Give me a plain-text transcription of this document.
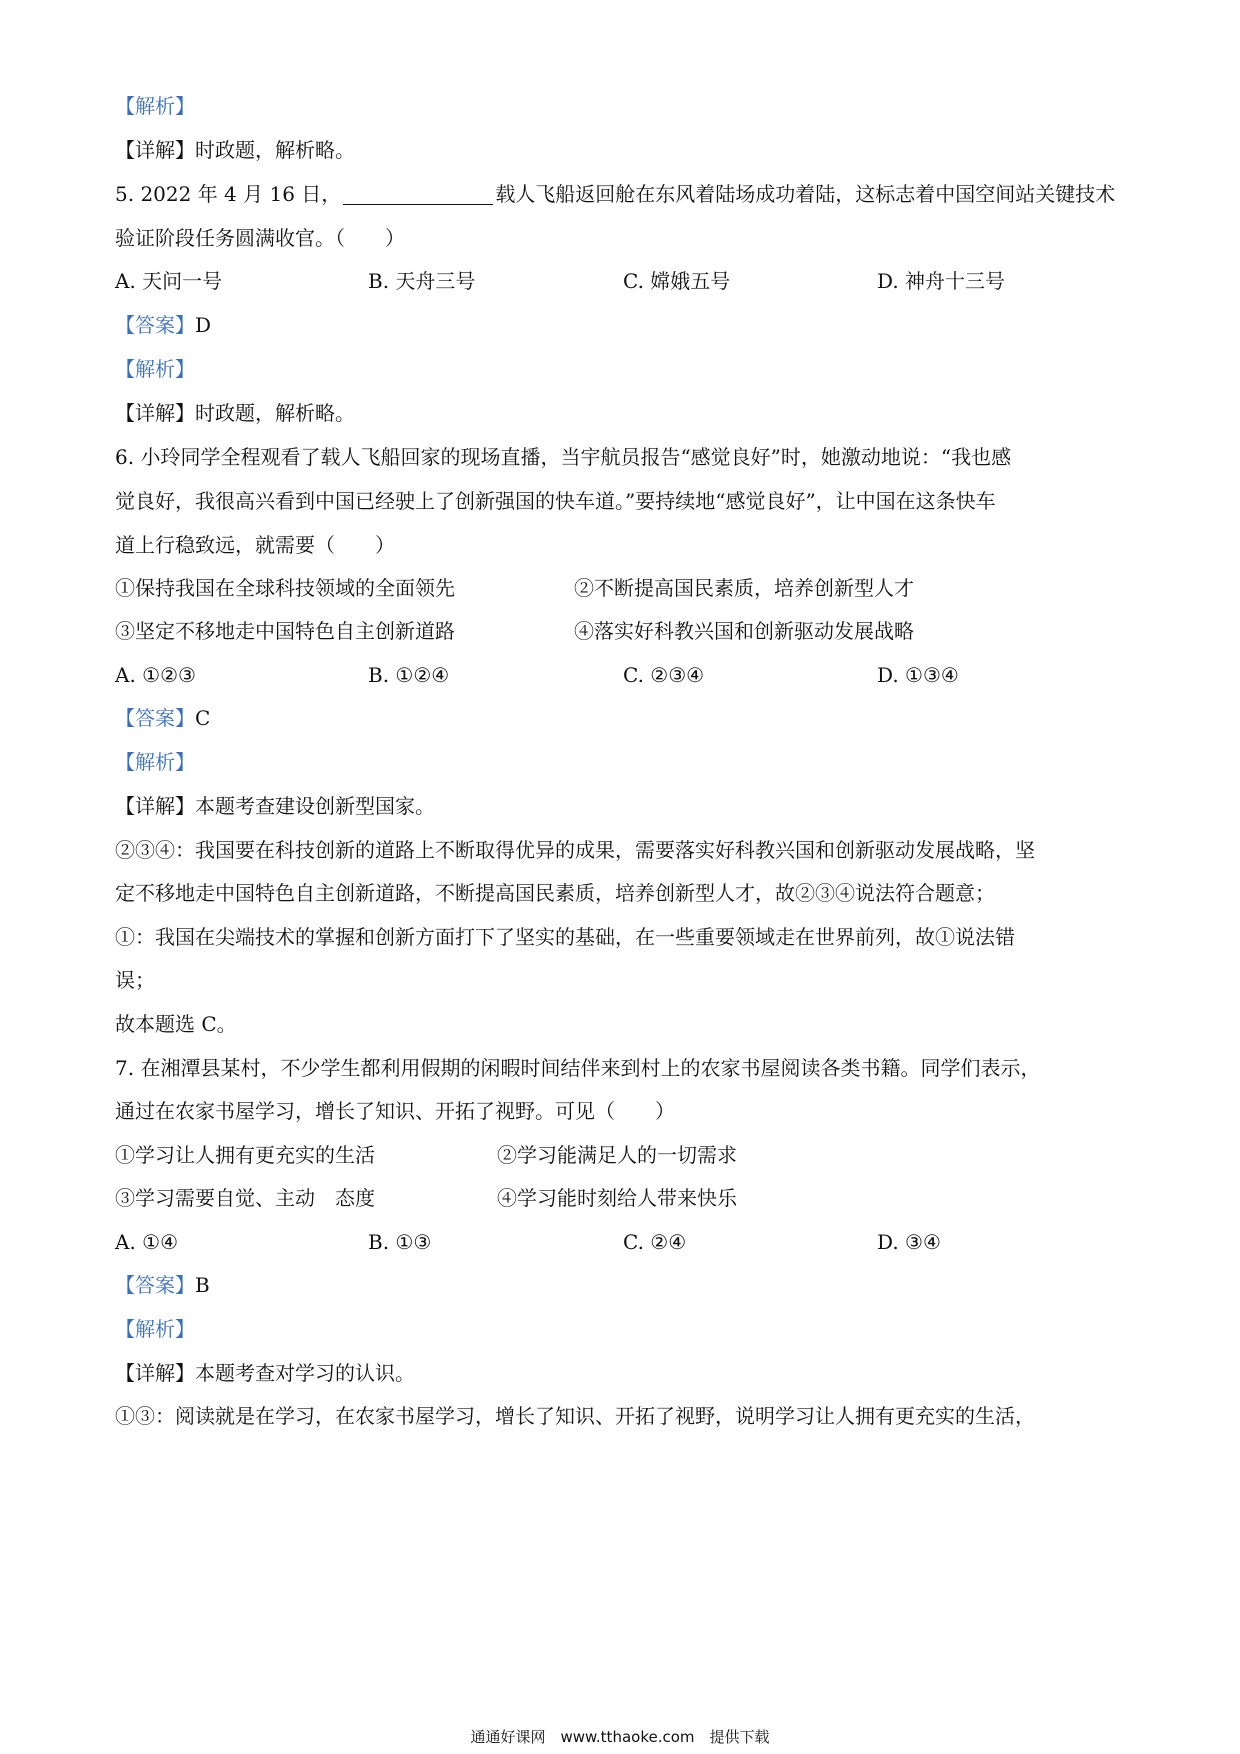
【解析】
【详解】时政题，解析略。
5. 2022 年 4 月 16 日，	载人飞船返回舱在东风着陆场成功着陆，这标志着中国空间站关键技术
验证阶段任务圆满收官。（　　）
A. 天问一号	B. 天舟三号	C. 嫦娥五号	D. 神舟十三号
【答案】D
【解析】
【详解】时政题，解析略。
6. 小玲同学全程观看了载人飞船回家的现场直播，当宇航员报告“感觉良好”时，她激动地说：“我也感
觉良好，我很高兴看到中国已经驶上了创新强国的快车道。”要持续地“感觉良好”，让中国在这条快车
道上行稳致远，就需要（　　）
①保持我国在全球科技领域的全面领先	②不断提高国民素质，培养创新型人才
③坚定不移地走中国特色自主创新道路	④落实好科教兴国和创新驱动发展战略
A. ①②③	B. ①②④	C. ②③④	D. ①③④
【答案】C
【解析】
【详解】本题考查建设创新型国家。
②③④：我国要在科技创新的道路上不断取得优异的成果，需要落实好科教兴国和创新驱动发展战略，坚
定不移地走中国特色自主创新道路，不断提高国民素质，培养创新型人才，故②③④说法符合题意；
①：我国在尖端技术的掌握和创新方面打下了坚实的基础，在一些重要领域走在世界前列，故①说法错
误；
故本题选 C。
7. 在湘潭县某村，不少学生都利用假期的闲暇时间结伴来到村上的农家书屋阅读各类书籍。同学们表示，
通过在农家书屋学习，增长了知识、开拓了视野。可见（　　）
①学习让人拥有更充实的生活	②学习能满足人的一切需求
③学习需要自觉、主动　态度	④学习能时刻给人带来快乐
A. ①④	B. ①③	C. ②④	D. ③④
【答案】B
【解析】
【详解】本题考查对学习的认识。
①③：阅读就是在学习，在农家书屋学习，增长了知识、开拓了视野，说明学习让人拥有更充实的生活，
通通好课网　www.tthaoke.com　提供下载
